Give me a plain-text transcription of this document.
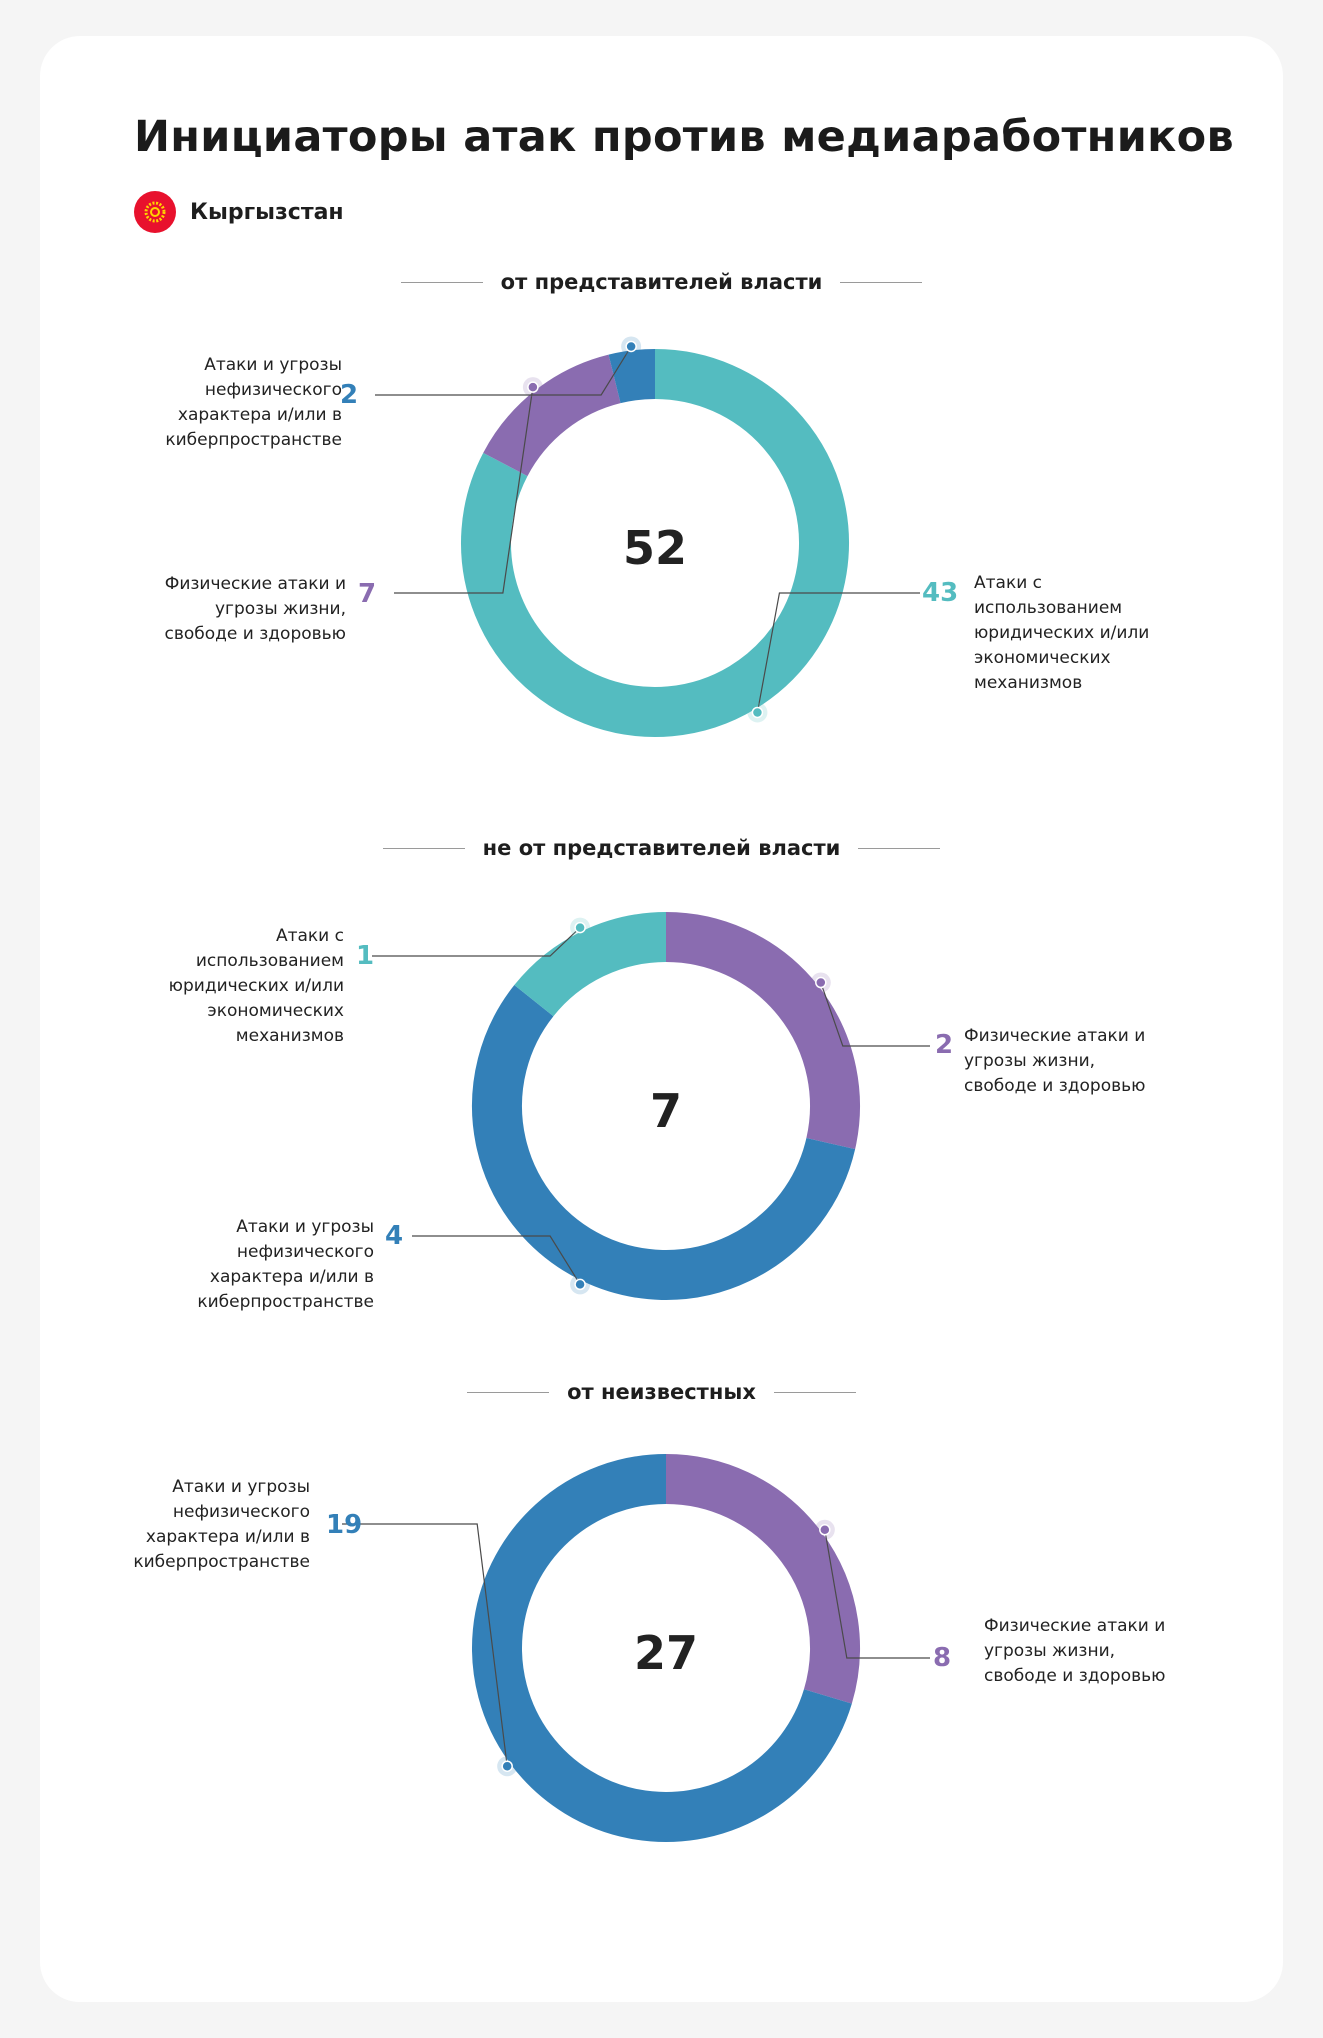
Инициаторы атак против медиаработников
Кыргызстан
от представителей власти
52
Атаки и угрозы нефизического характера и/или в киберпространстве
2
Физические атаки и угрозы жизни, свободе и здоровью
7	43 Атаки с использованием юридических и/или экономических механизмов
не от представителей власти
7
Атаки с использованием юридических и/или экономических механизмов
1
2 Физические атаки и угрозы жизни, свободе и здоровью
Атаки и угрозы нефизического характера и/или в киберпространстве
4
от неизвестных
27
Атаки и угрозы нефизического характера и/или в киберпространстве
19
8
Физические атаки и угрозы жизни, свободе и здоровью
